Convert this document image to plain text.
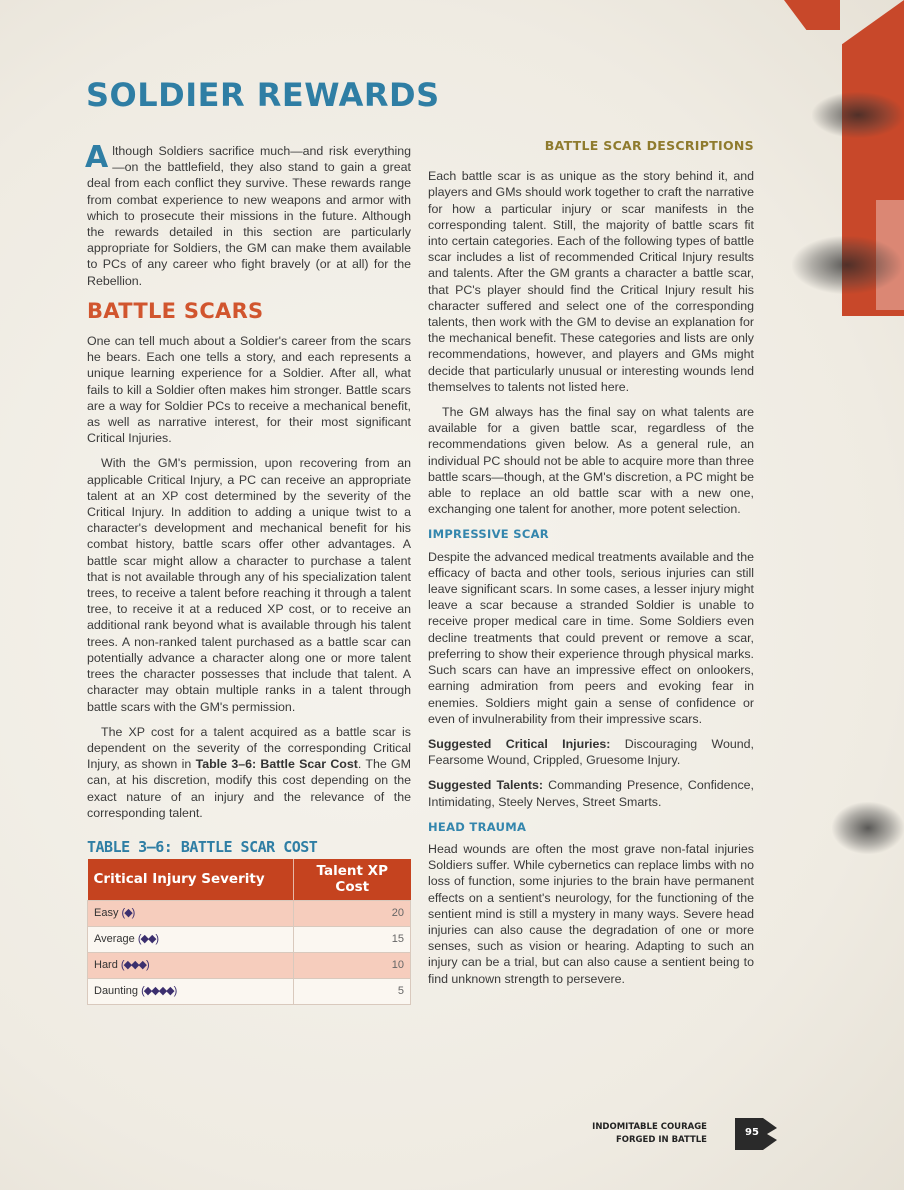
SOLDIER REWARDS

Although Soldiers sacrifice much—and risk everything—on the battlefield, they also stand to gain a great deal from each conflict they survive. These rewards range from combat experience to new weapons and armor with which to prosecute their missions in the future. Although the rewards detailed in this section are particularly appropriate for Soldiers, the GM can make them available to PCs of any career who fight bravely (or at all) for the Rebellion.

BATTLE SCARS

One can tell much about a Soldier's career from the scars he bears. Each one tells a story, and each represents a unique learning experience for a Soldier. After all, what fails to kill a Soldier often makes him stronger. Battle scars are a way for Soldier PCs to receive a mechanical benefit, as well as narrative interest, for their most significant Critical Injuries.

With the GM's permission, upon recovering from an applicable Critical Injury, a PC can receive an appropriate talent at an XP cost determined by the severity of the Critical Injury. In addition to adding a unique twist to a character's development and mechanical benefit for his combat history, battle scars offer other advantages. A battle scar might allow a character to purchase a talent that is not available through any of his specialization talent trees, to receive a talent before reaching it through a talent tree, to receive it at a reduced XP cost, or to receive an additional rank beyond what is available through his talent trees. A non-ranked talent purchased as a battle scar can potentially advance a character along one or more talent trees the character possesses that include that talent. A character may obtain multiple ranks in a talent through battle scars with the GM's permission.

The XP cost for a talent acquired as a battle scar is dependent on the severity of the corresponding Critical Injury, as shown in Table 3–6: Battle Scar Cost. The GM can, at his discretion, modify this cost depending on the exact nature of an injury and the relevance of the corresponding talent.

TABLE 3–6: BATTLE SCAR COST
Critical Injury Severity	Talent XP Cost
Easy (◆)	20
Average (◆◆)	15
Hard (◆◆◆)	10
Daunting (◆◆◆◆)	5
BATTLE SCAR DESCRIPTIONS

Each battle scar is as unique as the story behind it, and players and GMs should work together to craft the narrative for how a particular injury or scar manifests in the corresponding talent. Still, the majority of battle scars fit into certain categories. Each of the following types of battle scar includes a list of recommended Critical Injury results and talents. After the GM grants a character a battle scar, that PC's player should find the Critical Injury result his character suffered and select one of the corresponding talents, then work with the GM to devise an explanation for the mechanical benefit. These categories and lists are only recommendations, however, and players and GMs might decide that particularly unusual or interesting wounds lend themselves to talents not listed here.

The GM always has the final say on what talents are available for a given battle scar, regardless of the recommendations given below. As a general rule, an individual PC should not be able to acquire more than three battle scars—though, at the GM's discretion, a PC might be able to replace an old battle scar with a new one, exchanging one talent for another, more potent selection.

IMPRESSIVE SCAR

Despite the advanced medical treatments available and the efficacy of bacta and other tools, serious injuries can still leave significant scars. In some cases, a lesser injury might leave a scar because a stranded Soldier is unable to receive proper medical care in time. Some Soldiers even decline treatments that could prevent or remove a scar, preferring to show their experience through physical marks. Such scars can have an impressive effect on onlookers, earning admiration from peers and evoking fear in enemies. Soldiers might gain a sense of confidence or even of invulnerability from their impressive scars.

Suggested Critical Injuries: Discouraging Wound, Fearsome Wound, Crippled, Gruesome Injury.

Suggested Talents: Commanding Presence, Confidence, Intimidating, Steely Nerves, Street Smarts.

HEAD TRAUMA

Head wounds are often the most grave non-fatal injuries Soldiers suffer. While cybernetics can replace limbs with no loss of function, some injuries to the brain have permanent effects on a sentient's neurology, for the functioning of the sentient mind is still a mystery in many ways. Severe head injuries can also cause the degradation of one or more senses, such as vision or hearing. Adapting to such an injury can be a trial, but can also cause a sentient being to find unknown strength to persevere.

INDOMITABLE COURAGE
FORGED IN BATTLE
95
